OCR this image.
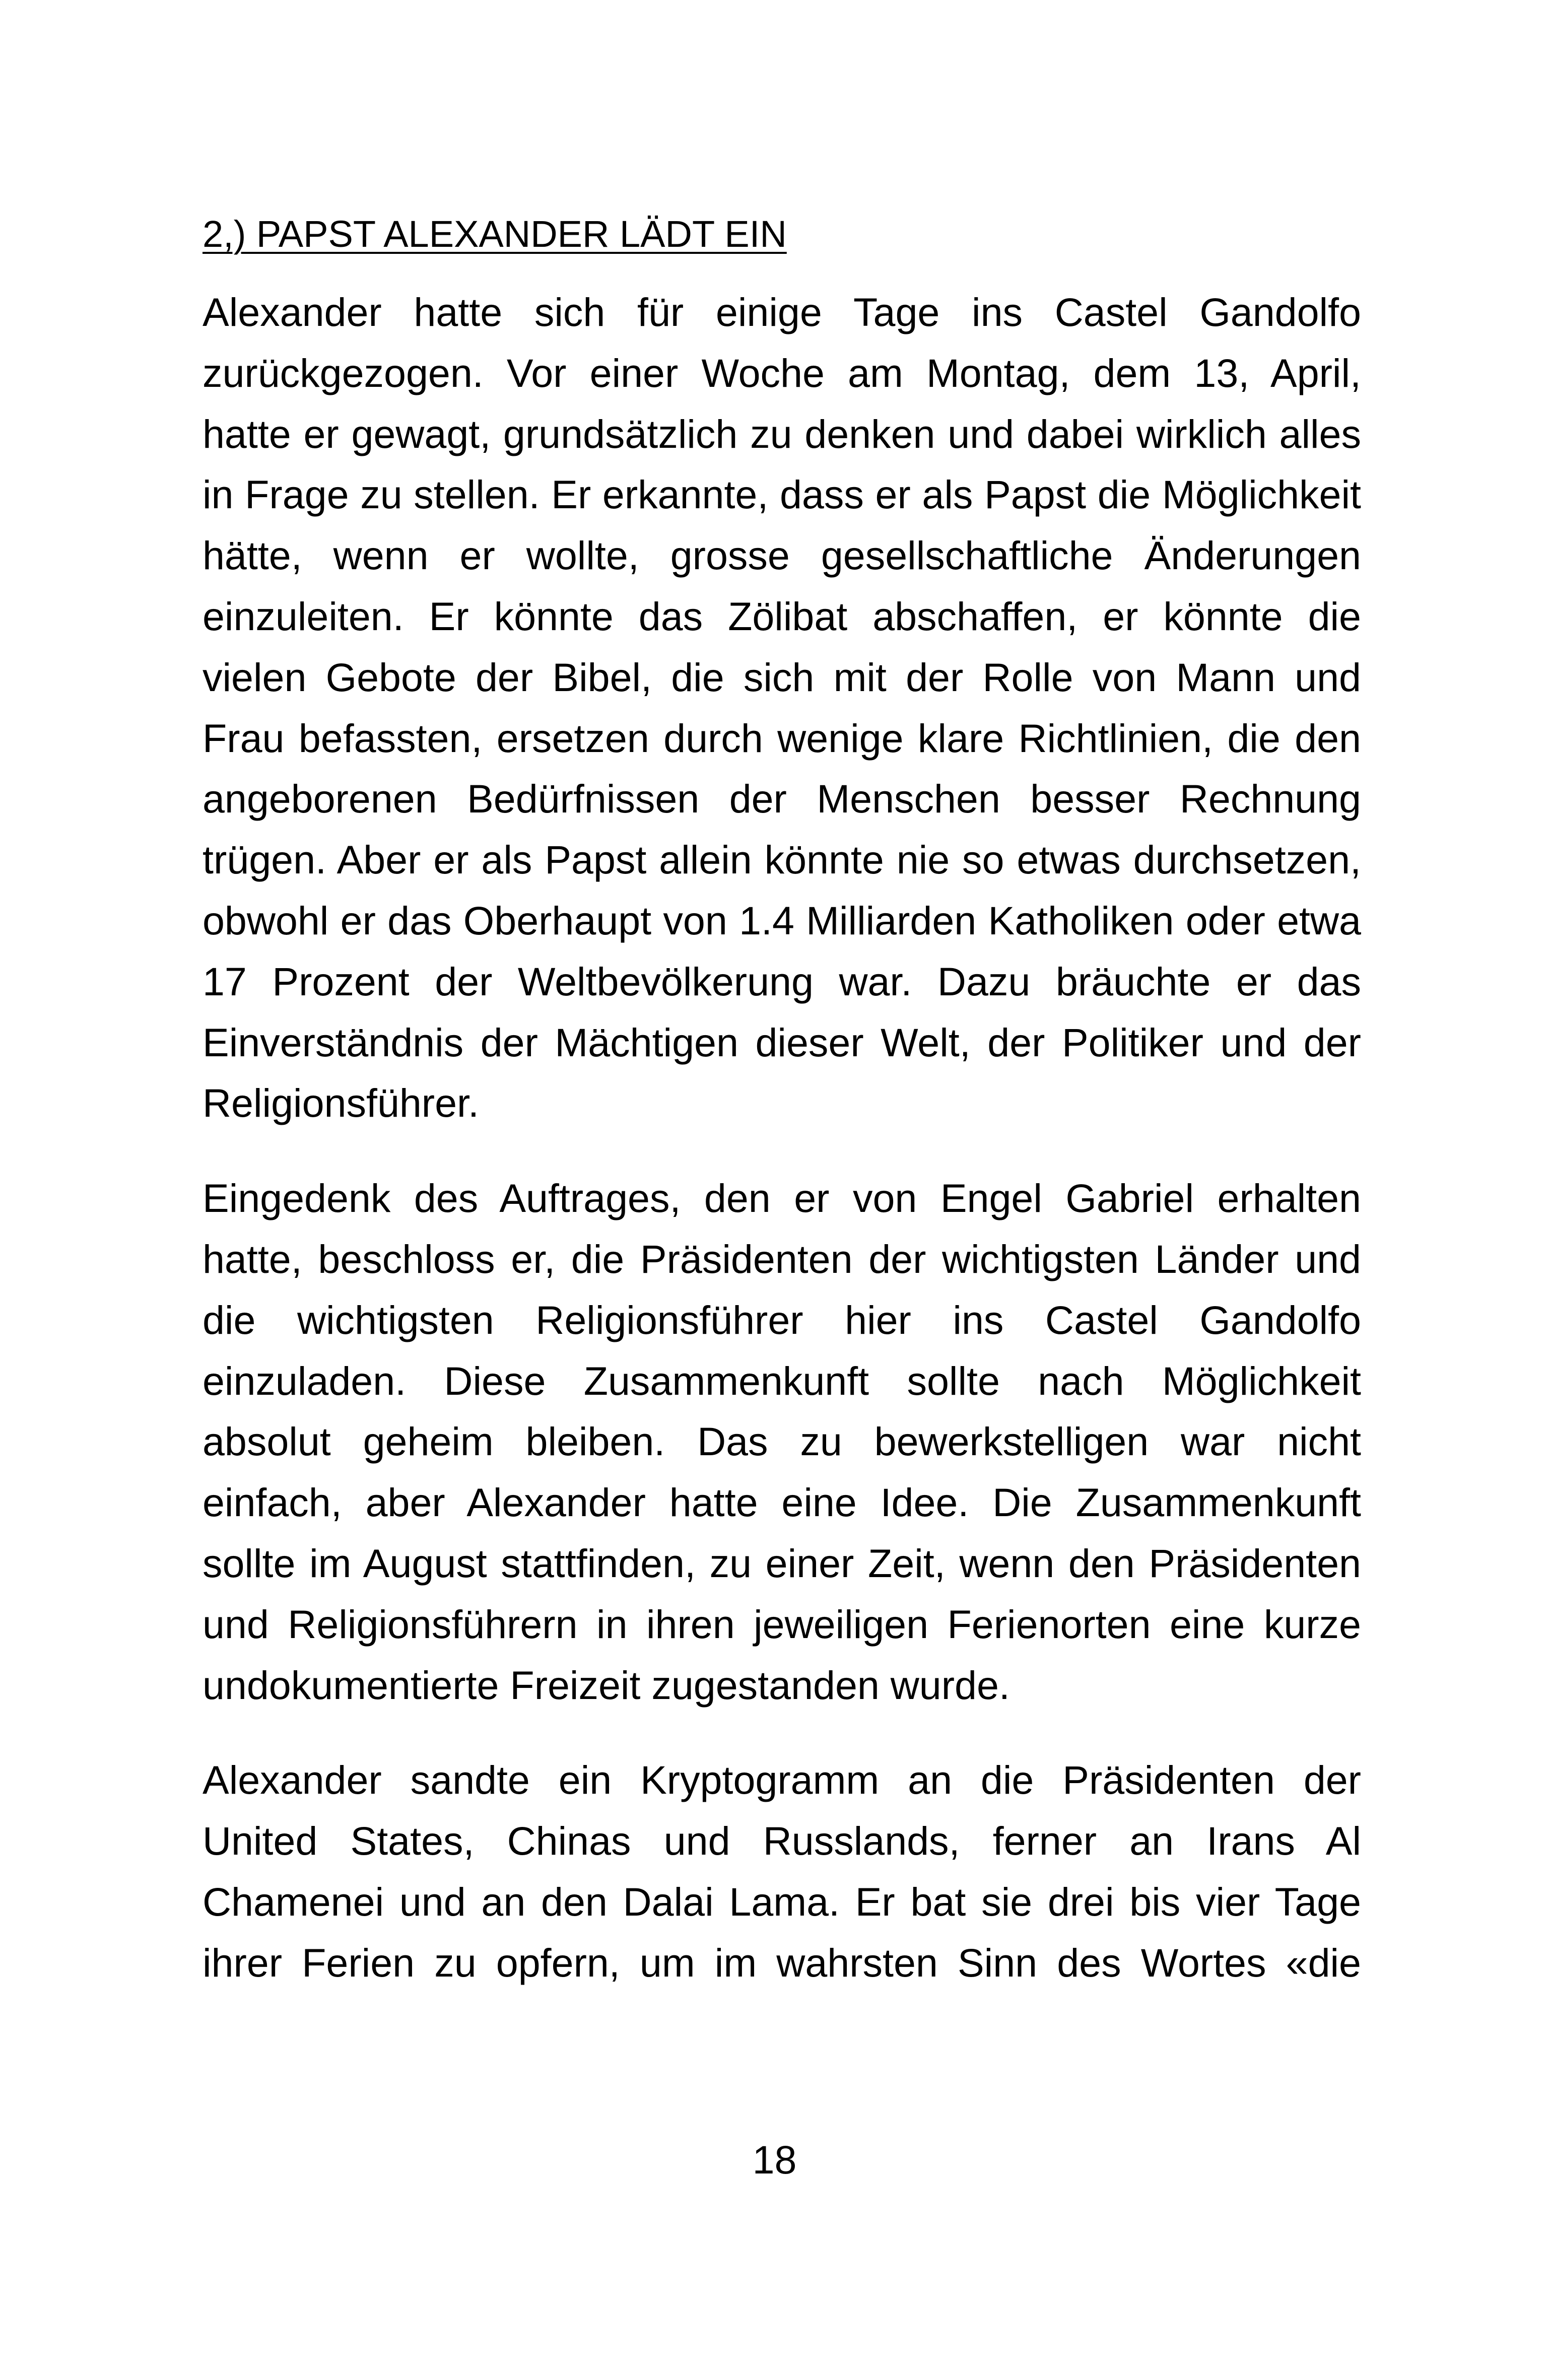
2,) PAPST ALEXANDER LÄDT EIN

Alexander hatte sich für einige Tage ins Castel Gandolfo zurückgezogen. Vor einer Woche am Montag, dem 13, April, hatte er gewagt, grundsätzlich zu denken und dabei wirklich alles in Frage zu stellen. Er erkannte, dass er als Papst die Möglichkeit hätte, wenn er wollte, grosse gesellschaftliche Änderungen einzuleiten. Er könnte das Zölibat abschaffen, er könnte die vielen Gebote der Bibel, die sich mit der Rolle von Mann und Frau befassten, ersetzen durch wenige klare Richtlinien, die den angeborenen Bedürfnissen der Menschen besser Rechnung trügen. Aber er als Papst allein könnte nie so etwas durchsetzen, obwohl er das Oberhaupt von 1.4 Milliarden Katholiken oder etwa 17 Prozent der Weltbevölkerung war. Dazu bräuchte er das Einverständnis der Mächtigen dieser Welt, der Politiker und der Religionsführer.

Eingedenk des Auftrages, den er von Engel Gabriel erhalten hatte, beschloss er, die Präsidenten der wichtigsten Länder und die wichtigsten Religionsführer hier ins Castel Gandolfo einzuladen. Diese Zusammenkunft sollte nach Möglichkeit absolut geheim bleiben. Das zu bewerkstelligen war nicht einfach, aber Alexander hatte eine Idee. Die Zusammenkunft sollte im August stattfinden, zu einer Zeit, wenn den Präsidenten und Religionsführern in ihren jeweiligen Ferienorten eine kurze undokumentierte Freizeit zugestanden wurde.

Alexander sandte ein Kryptogramm an die Präsidenten der United States, Chinas und Russlands, ferner an Irans Al Chamenei und an den Dalai Lama. Er bat sie drei bis vier Tage ihrer Ferien zu opfern, um im wahrsten Sinn des Wortes «die

18
